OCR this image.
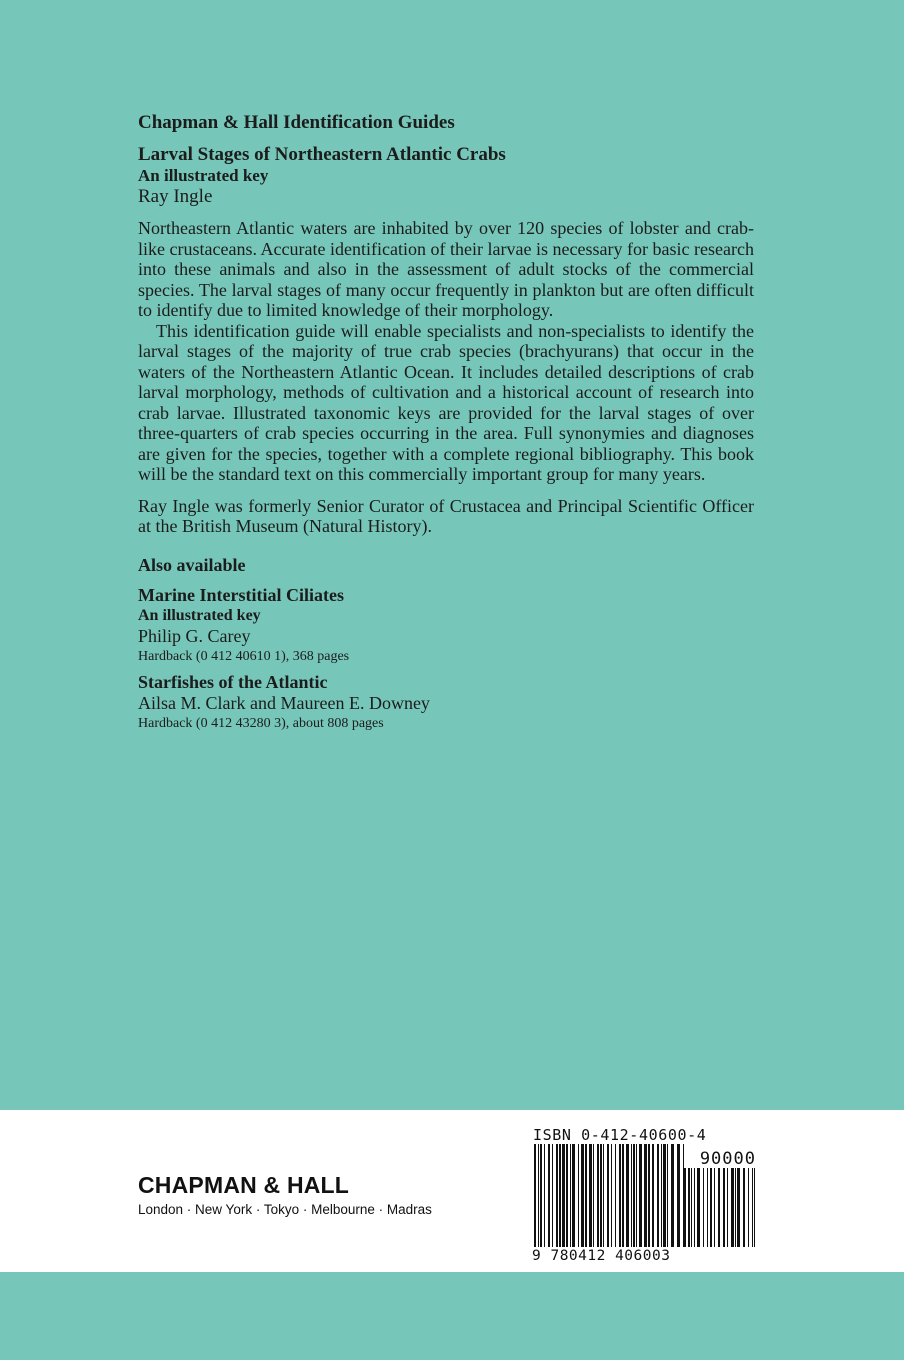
Chapman & Hall Identification Guides

Larval Stages of Northeastern Atlantic Crabs

An illustrated key

Ray Ingle

Northeastern Atlantic waters are inhabited by over 120 species of lobster and crab-like crustaceans. Accurate identification of their larvae is necessary for basic research into these animals and also in the assessment of adult stocks of the commercial species. The larval stages of many occur frequently in plankton but are often difficult to identify due to limited knowledge of their morphology.

This identification guide will enable specialists and non-specialists to identify the larval stages of the majority of true crab species (brachyurans) that occur in the waters of the Northeastern Atlantic Ocean. It includes detailed descriptions of crab larval morphology, methods of cultivation and a historical account of research into crab larvae. Illustrated taxonomic keys are provided for the larval stages of over three-quarters of crab species occurring in the area. Full synonymies and diagnoses are given for the species, together with a complete regional bibliography. This book will be the standard text on this commercially important group for many years.

Ray Ingle was formerly Senior Curator of Crustacea and Principal Scientific Officer at the British Museum (Natural History).

Also available

Marine Interstitial Ciliates

An illustrated key

Philip G. Carey

Hardback (0 412 40610 1), 368 pages

Starfishes of the Atlantic

Ailsa M. Clark and Maureen E. Downey

Hardback (0 412 43280 3), about 808 pages

CHAPMAN & HALL
London · New York · Tokyo · Melbourne · Madras
ISBN 0-412-40600-4
90000
9 780412 406003
